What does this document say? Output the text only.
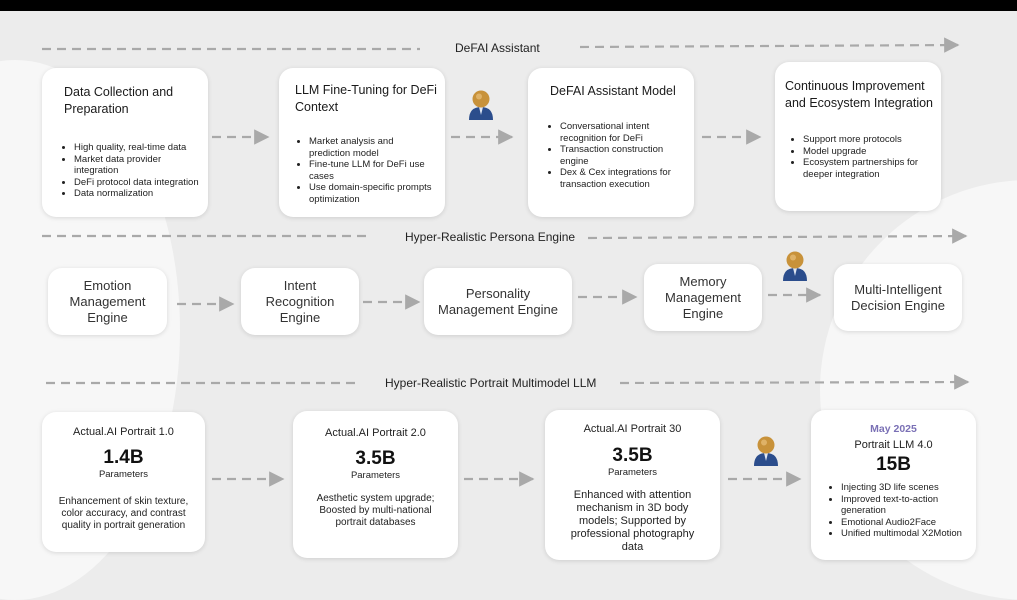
DeFAI Assistant
Hyper-Realistic Persona Engine
Hyper-Realistic Portrait Multimodel LLM
Data Collection and Preparation
• High quality, real-time data
• Market data provider integration
• DeFi protocol data integration
• Data normalization
LLM Fine-Tuning for DeFi Context
• Market analysis and prediction model
• Fine-tune LLM for DeFi use cases
• Use domain-specific prompts optimization
DeFAI Assistant Model
• Conversational intent recognition for DeFi
• Transaction construction engine
• Dex & Cex integrations for transaction execution
Continuous Improvement and Ecosystem Integration
• Support more protocols
• Model upgrade
• Ecosystem partnerships for deeper integration
Emotion Management Engine
Intent Recognition Engine
Personality Management Engine
Memory Management Engine
Multi-Intelligent Decision Engine
Actual.AI Portrait 1.0
1.4B
Parameters
Enhancement of skin texture, color accuracy, and contrast quality in portrait generation
Actual.AI Portrait 2.0
3.5B
Parameters
Aesthetic system upgrade; Boosted by multi-national portrait databases
Actual.AI Portrait 30
3.5B
Parameters
Enhanced with attention mechanism in 3D body models; Supported by professional photography data
May 2025
Portrait LLM 4.0
15B
• Injecting 3D life scenes
• Improved text-to-action generation
• Emotional Audio2Face
• Unified multimodal X2Motion
